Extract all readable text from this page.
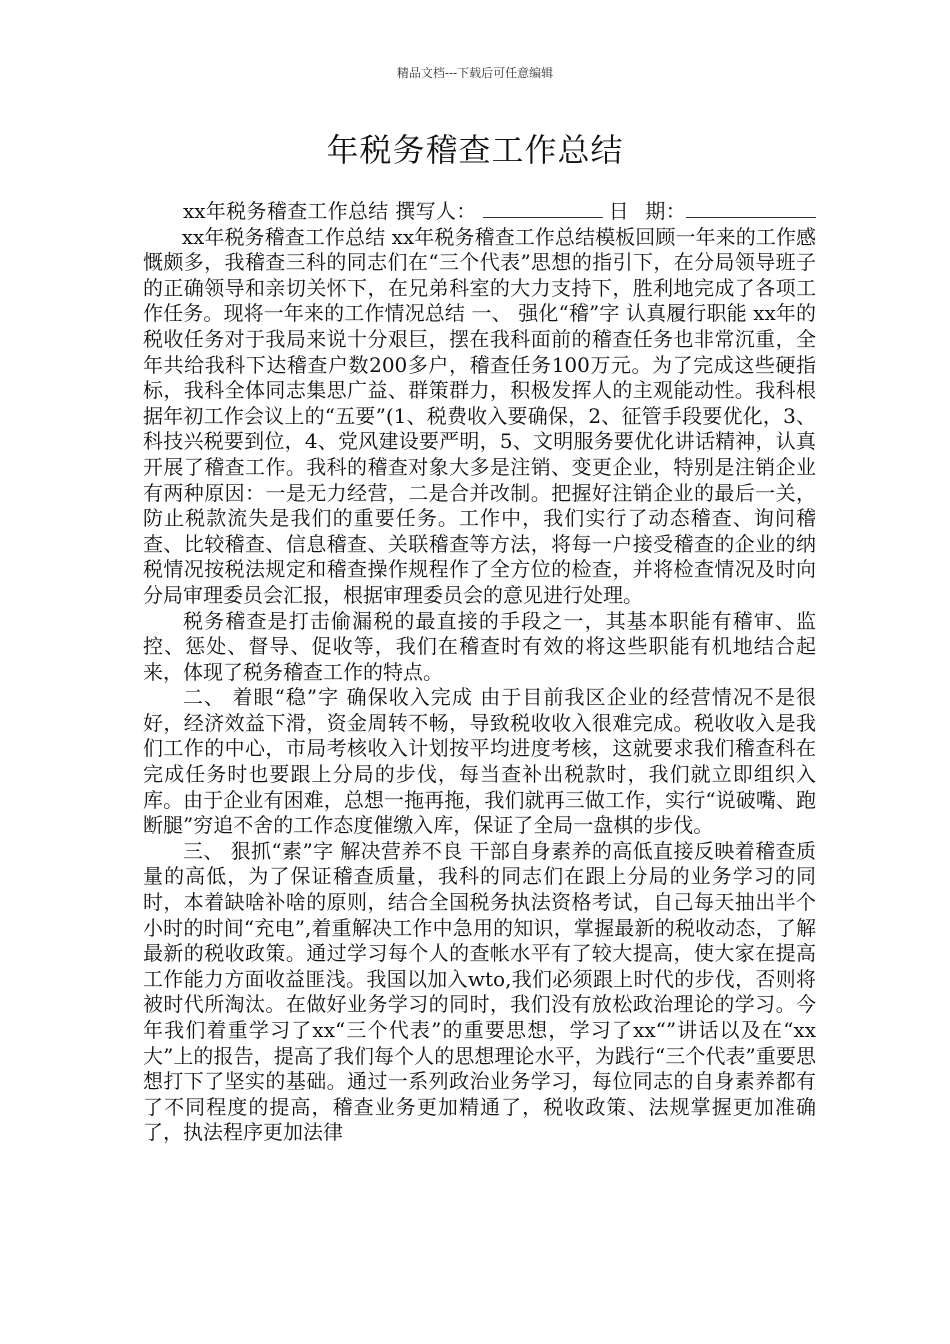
精品文档---下载后可任意编辑
年税务稽查工作总结

xx年税务稽查工作总结 撰写人：	日 期：      xx年税务稽查工作总结 xx年税务稽查工作总结模板回顾一年来的工作感慨颇多，我稽查三科的同志们在“三个代表”思想的指引下，在分局领导班子的正确领导和亲切关怀下，在兄弟科室的大力支持下，胜利地完成了各项工作任务。现将一年来的工作情况总结 一、 强化“稽”字 认真履行职能 xx年的税收任务对于我局来说十分艰巨，摆在我科面前的稽查任务也非常沉重，全年共给我科下达稽查户数200多户，稽查任务100万元。为了完成这些硬指标，我科全体同志集思广益、群策群力，积极发挥人的主观能动性。我科根据年初工作会议上的“五要”(1、税费收入要确保，2、征管手段要优化，3、科技兴税要到位，4、党风建设要严明，5、文明服务要优化讲话精神，认真开展了稽查工作。我科的稽查对象大多是注销、变更企业，特别是注销企业有两种原因：一是无力经营，二是合并改制。把握好注销企业的最后一关，防止税款流失是我们的重要任务。工作中，我们实行了动态稽查、询问稽查、比较稽查、信息稽查、关联稽查等方法，将每一户接受稽查的企业的纳税情况按税法规定和稽查操作规程作了全方位的检查，并将检查情况及时向分局审理委员会汇报，根据审理委员会的意见进行处理。

税务稽查是打击偷漏税的最直接的手段之一，其基本职能有稽审、监控、惩处、督导、促收等，我们在稽查时有效的将这些职能有机地结合起来，体现了税务稽查工作的特点。

二、 着眼“稳”字 确保收入完成 由于目前我区企业的经营情况不是很好，经济效益下滑，资金周转不畅，导致税收收入很难完成。税收收入是我们工作的中心，市局考核收入计划按平均进度考核，这就要求我们稽查科在完成任务时也要跟上分局的步伐，每当查补出税款时，我们就立即组织入库。由于企业有困难，总想一拖再拖，我们就再三做工作，实行“说破嘴、跑断腿”穷追不舍的工作态度催缴入库，保证了全局一盘棋的步伐。

三、 狠抓“素”字 解决营养不良 干部自身素养的高低直接反映着稽查质量的高低，为了保证稽查质量，我科的同志们在跟上分局的业务学习的同时，本着缺啥补啥的原则，结合全国税务执法资格考试，自己每天抽出半个小时的时间“充电”,着重解决工作中急用的知识，掌握最新的税收动态，了解最新的税收政策。通过学习每个人的查帐水平有了较大提高，使大家在提高工作能力方面收益匪浅。我国以加入wto,我们必须跟上时代的步伐，否则将被时代所淘汰。在做好业务学习的同时，我们没有放松政治理论的学习。今年我们着重学习了xx“三个代表”的重要思想，学习了xx“”讲话以及在“xx大”上的报告，提高了我们每个人的思想理论水平，为践行“三个代表”重要思想打下了坚实的基础。通过一系列政治业务学习，每位同志的自身素养都有了不同程度的提高，稽查业务更加精通了，税收政策、法规掌握更加准确了，执法程序更加法律
